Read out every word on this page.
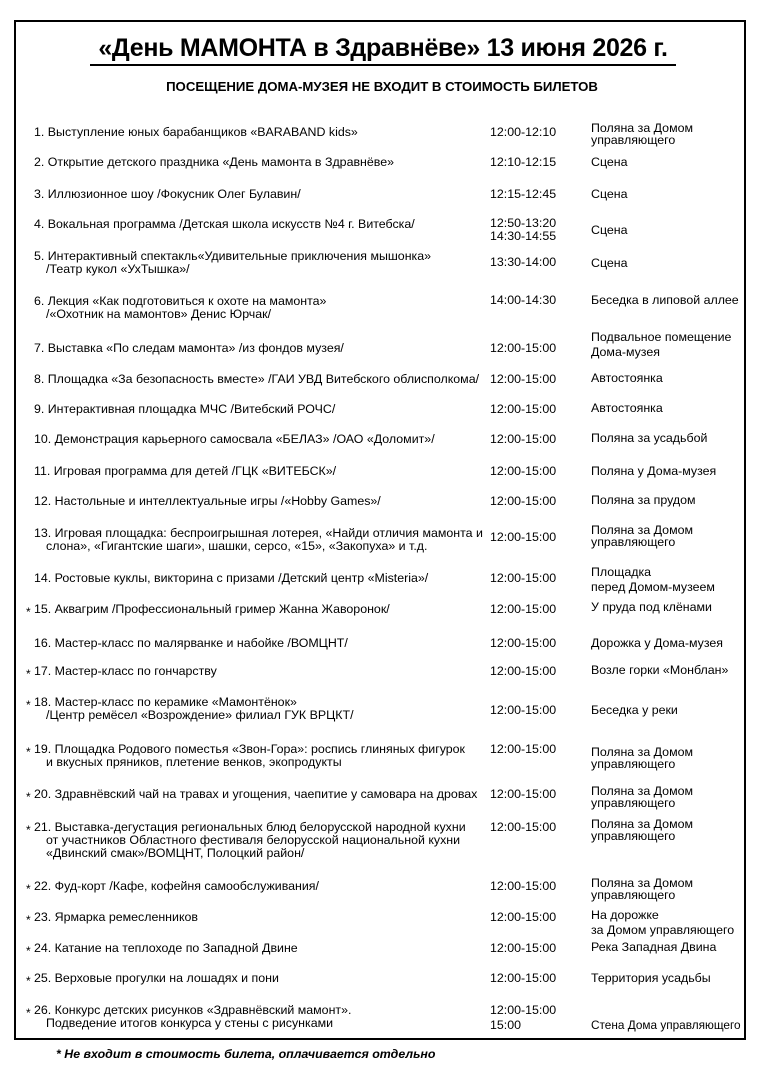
«День МАМОНТА в Здравнёве» 13 июня 2026 г.
ПОСЕЩЕНИЕ ДОМА-МУЗЕЯ НЕ ВХОДИТ В СТОИМОСТЬ БИЛЕТОВ
1. Выступление юных барабанщиков «BARABAND kids»	12:00-12:10	Поляна за Домом
управляющего
2. Открытие детского праздника «День мамонта в Здравнёве»	12:10-12:15	Сцена
3. Иллюзионное шоу /Фокусник Олег Булавин/	12:15-12:45	Сцена
4. Вокальная программа /Детская школа искусств №4 г. Витебска/	12:50-13:20
14:30-14:55	Сцена
5. Интерактивный спектакль«Удивительные приключения мышонка»
/Театр кукол «УхТышка»/	13:30-14:00	Сцена
6. Лекция «Как подготовиться к охоте на мамонта»
/«Охотник на мамонтов» Денис Юрчак/
14:00-14:30	Беседка в липовой аллее
7. Выставка «По следам мамонта» /из фондов музея/	12:00-15:00
Подвальное помещение
Дома-музея
8. Площадка «За безопасность вместе» /ГАИ УВД Витебского облисполкома/ 12:00-15:00	Автостоянка
9. Интерактивная площадка МЧС /Витебский РОЧС/	12:00-15:00	Автостоянка
10. Демонстрация карьерного самосвала «БЕЛАЗ» /ОАО «Доломит»/	12:00-15:00	Поляна за усадьбой
11. Игровая программа для детей /ГЦК «ВИТЕБСК»/	12:00-15:00	Поляна у Дома-музея
12. Настольные и интеллектуальные игры /«Hobby Games»/	12:00-15:00	Поляна за прудом
13. Игровая площадка: беспроигрышная лотерея, «Найди отличия мамонта и
слона», «Гигантские шаги», шашки, серсо, «15», «Закопуха» и т.д.
12:00-15:00	Поляна за Домом
управляющего
14. Ростовые куклы, викторина с призами /Детский центр «Misteria»/	12:00-15:00	Площадка
перед Домом-музеем
* 15. Аквагрим /Профессиональный гример Жанна Жаворонок/	12:00-15:00	У пруда под клёнами
16. Мастер-класс по малярванке и набойке /ВОМЦНТ/	12:00-15:00	Дорожка у Дома-музея
* 17. Мастер-класс по гончарству	12:00-15:00	Возле горки «Монблан»
* 18. Мастер-класс по керамике «Мамонтёнок»
/Центр ремёсел «Возрождение» филиал ГУК ВРЦКТ/	12:00-15:00	Беседка у реки
* 19. Площадка Родового поместья «Звон-Гора»: роспись глиняных фигурок
и вкусных пряников, плетение венков, экопродукты
12:00-15:00	Поляна за Домом
управляющего
* 20. Здравнёвский чай на травах и угощения, чаепитие у самовара на дровах 12:00-15:00	Поляна за Домом
управляющего
* 21. Выставка-дегустация региональных блюд белорусской народной кухни
от участников Областного фестиваля белорусской национальной кухни
«Двинский смак»/ВОМЦНТ, Полоцкий район/
12:00-15:00	Поляна за Домом
управляющего
* 22. Фуд-корт /Кафе, кофейня самообслуживания/	12:00-15:00	Поляна за Домом
управляющего
* 23. Ярмарка ремесленников	12:00-15:00	На дорожке
за Домом управляющего
* 24. Катание на теплоходе по Западной Двине	12:00-15:00	Река Западная Двина
* 25. Верховые прогулки на лошадях и пони	12:00-15:00	Территория усадьбы
* 26. Конкурс детских рисунков «Здравнёвский мамонт».
Подведение итогов конкурса у стены с рисунками
12:00-15:00
15:00	Стена Дома управляющего
* Не входит в стоимость билета, оплачивается отдельно
